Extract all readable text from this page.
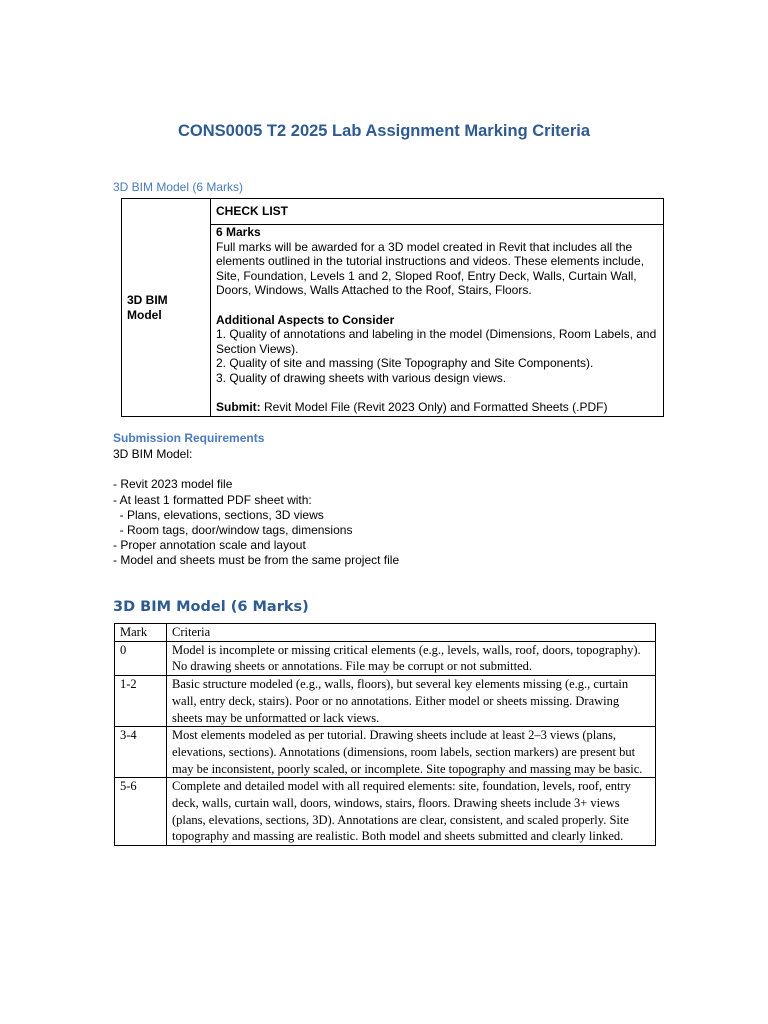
CONS0005 T2 2025 Lab Assignment Marking Criteria
3D BIM Model (6 Marks)
3D BIM Model
CHECK LIST

6 Marks

Full marks will be awarded for a 3D model created in Revit that includes all the elements outlined in the tutorial instructions and videos. These elements include, Site, Foundation, Levels 1 and 2, Sloped Roof, Entry Deck, Walls, Curtain Wall, Doors, Windows, Walls Attached to the Roof, Stairs, Floors.

Additional Aspects to Consider

1. Quality of annotations and labeling in the model (Dimensions, Room Labels, and Section Views).

2. Quality of site and massing (Site Topography and Site Components).

3. Quality of drawing sheets with various design views.

Submit: Revit Model File (Revit 2023 Only) and Formatted Sheets (.PDF)

Submission Requirements
3D BIM Model:
- Revit 2023 model file
- At least 1 formatted PDF sheet with:
- Plans, elevations, sections, 3D views
- Room tags, door/window tags, dimensions
- Proper annotation scale and layout
- Model and sheets must be from the same project file
3D BIM Model (6 Marks)
Mark	Criteria
0	Model is incomplete or missing critical elements (e.g., levels, walls, roof, doors, topography). No drawing sheets or annotations. File may be corrupt or not submitted.
1-2	Basic structure modeled (e.g., walls, floors), but several key elements missing (e.g., curtain wall, entry deck, stairs). Poor or no annotations. Either model or sheets missing. Drawing sheets may be unformatted or lack views.
3-4	Most elements modeled as per tutorial. Drawing sheets include at least 2–3 views (plans, elevations, sections). Annotations (dimensions, room labels, section markers) are present but may be inconsistent, poorly scaled, or incomplete. Site topography and massing may be basic.
5-6	Complete and detailed model with all required elements: site, foundation, levels, roof, entry deck, walls, curtain wall, doors, windows, stairs, floors. Drawing sheets include 3+ views (plans, elevations, sections, 3D). Annotations are clear, consistent, and scaled properly. Site topography and massing are realistic. Both model and sheets submitted and clearly linked.
